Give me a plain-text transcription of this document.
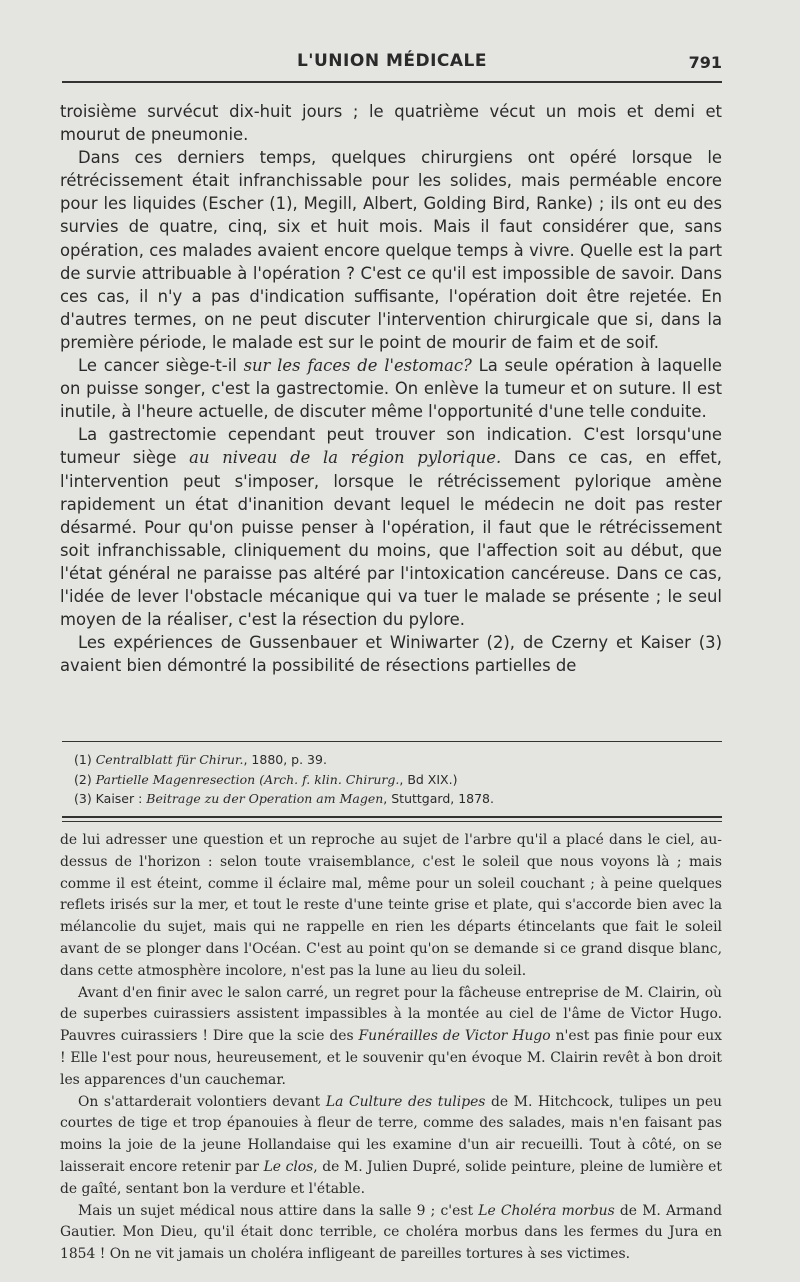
L'UNION MÉDICALE	791

troisième survécut dix-huit jours ; le quatrième vécut un mois et demi et mourut de pneumonie.

Dans ces derniers temps, quelques chirurgiens ont opéré lorsque le rétrécissement était infranchissable pour les solides, mais perméable encore pour les liquides (Escher (1), Megill, Albert, Golding Bird, Ranke) ; ils ont eu des survies de quatre, cinq, six et huit mois. Mais il faut considérer que, sans opération, ces malades avaient encore quelque temps à vivre. Quelle est la part de survie attribuable à l'opération ? C'est ce qu'il est impossible de savoir. Dans ces cas, il n'y a pas d'indication suffisante, l'opération doit être rejetée. En d'autres termes, on ne peut discuter l'intervention chirurgicale que si, dans la première période, le malade est sur le point de mourir de faim et de soif.

Le cancer siège-t-il sur les faces de l'estomac? La seule opération à laquelle on puisse songer, c'est la gastrectomie. On enlève la tumeur et on suture. Il est inutile, à l'heure actuelle, de discuter même l'opportunité d'une telle conduite.

La gastrectomie cependant peut trouver son indication. C'est lorsqu'une tumeur siège au niveau de la région pylorique. Dans ce cas, en effet, l'intervention peut s'imposer, lorsque le rétrécissement pylorique amène rapidement un état d'inanition devant lequel le médecin ne doit pas rester désarmé. Pour qu'on puisse penser à l'opération, il faut que le rétrécissement soit infranchissable, cliniquement du moins, que l'affection soit au début, que l'état général ne paraisse pas altéré par l'intoxication cancéreuse. Dans ce cas, l'idée de lever l'obstacle mécanique qui va tuer le malade se présente ; le seul moyen de la réaliser, c'est la résection du pylore.

Les expériences de Gussenbauer et Winiwarter (2), de Czerny et Kaiser (3) avaient bien démontré la possibilité de résections partielles de

(1) Centralblatt für Chirur., 1880, p. 39.
(2) Partielle Magenresection (Arch. f. klin. Chirurg., Bd XIX.)
(3) Kaiser : Beitrage zu der Operation am Magen, Stuttgard, 1878.

de lui adresser une question et un reproche au sujet de l'arbre qu'il a placé dans le ciel, au-dessus de l'horizon : selon toute vraisemblance, c'est le soleil que nous voyons là ; mais comme il est éteint, comme il éclaire mal, même pour un soleil couchant ; à peine quelques reflets irisés sur la mer, et tout le reste d'une teinte grise et plate, qui s'accorde bien avec la mélancolie du sujet, mais qui ne rappelle en rien les départs étincelants que fait le soleil avant de se plonger dans l'Océan. C'est au point qu'on se demande si ce grand disque blanc, dans cette atmosphère incolore, n'est pas la lune au lieu du soleil.

Avant d'en finir avec le salon carré, un regret pour la fâcheuse entreprise de M. Clairin, où de superbes cuirassiers assistent impassibles à la montée au ciel de l'âme de Victor Hugo. Pauvres cuirassiers ! Dire que la scie des Funérailles de Victor Hugo n'est pas finie pour eux ! Elle l'est pour nous, heureusement, et le souvenir qu'en évoque M. Clairin revêt à bon droit les apparences d'un cauchemar.

On s'attarderait volontiers devant La Culture des tulipes de M. Hitchcock, tulipes un peu courtes de tige et trop épanouies à fleur de terre, comme des salades, mais n'en faisant pas moins la joie de la jeune Hollandaise qui les examine d'un air recueilli. Tout à côté, on se laisserait encore retenir par Le clos, de M. Julien Dupré, solide peinture, pleine de lumière et de gaîté, sentant bon la verdure et l'étable.

Mais un sujet médical nous attire dans la salle 9 ; c'est Le Choléra morbus de M. Armand Gautier. Mon Dieu, qu'il était donc terrible, ce choléra morbus dans les fermes du Jura en 1854 ! On ne vit jamais un choléra infligeant de pareilles tortures à ses victimes.
